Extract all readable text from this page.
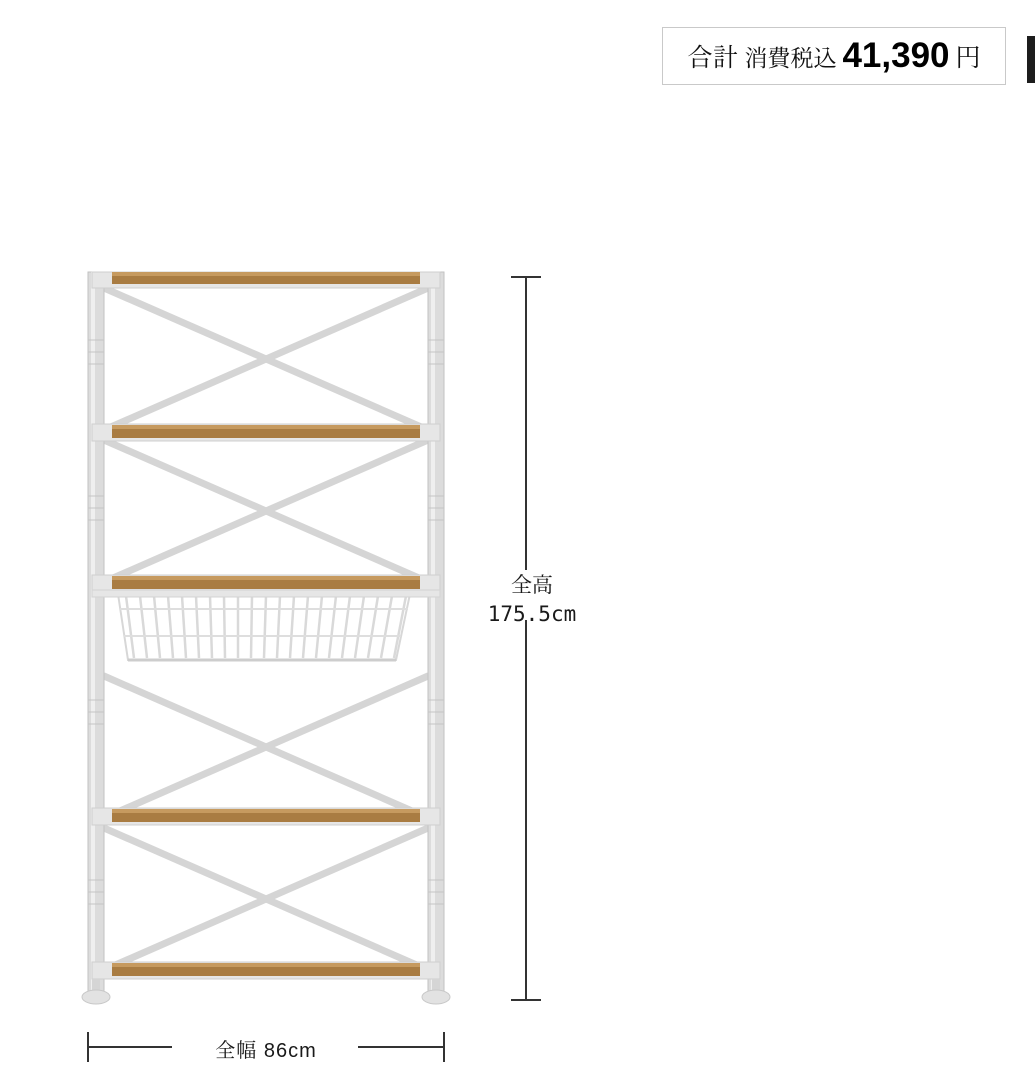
合計 消費税込 41,390 円
全高
175.5cm
全幅 86cm
